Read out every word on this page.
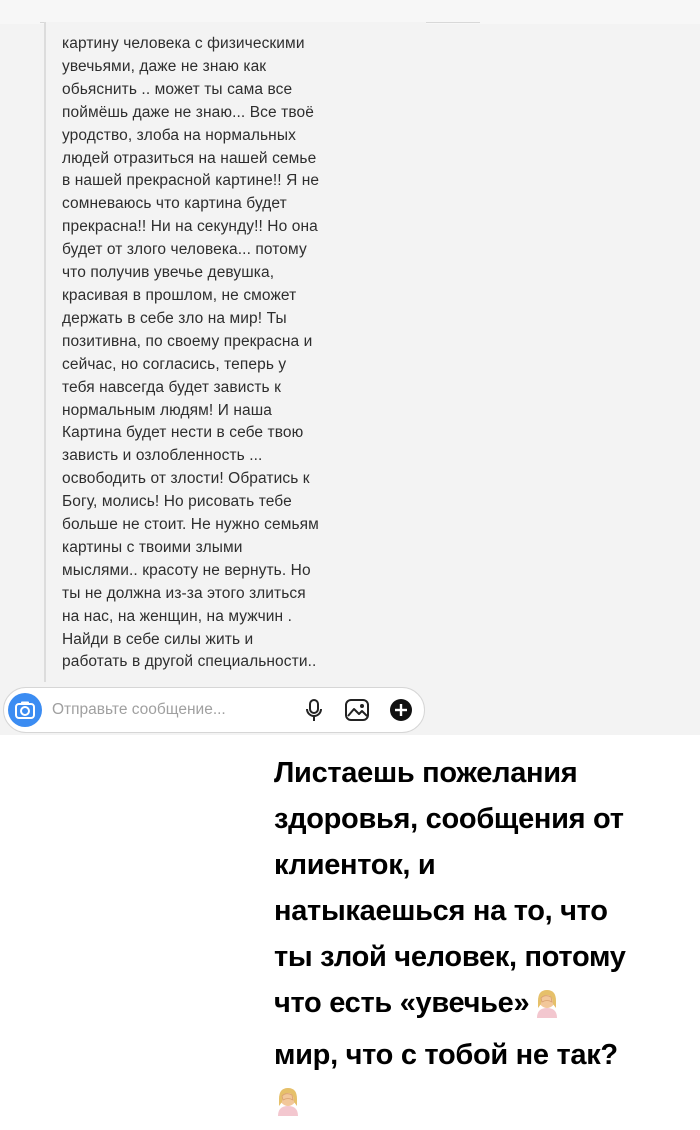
картину человека с физическими
увечьями, даже не знаю как
обьяснить .. может ты сама все
поймёшь даже не знаю... Все твоё
уродство, злоба на нормальных
людей отразиться на нашей семье
в нашей прекрасной картине!! Я не
сомневаюсь что картина будет
прекрасна!! Ни на секунду!! Но она
будет от злого человека... потому
что получив увечье девушка,
красивая в прошлом, не сможет
держать в себе зло на мир! Ты
позитивна, по своему прекрасна и
сейчас, но согласись, теперь у
тебя навсегда будет зависть к
нормальным людям! И наша
Картина будет нести в себе твою
зависть и озлобленность ...
освободить от злости! Обратись к
Богу, молись! Но рисовать тебе
больше не стоит. Не нужно семьям
картины с твоими злыми
мыслями.. красоту не вернуть. Но
ты не должна из-за этого злиться
на нас, на женщин, на мужчин .
Найди в себе силы жить и
работать в другой специальности..

Отправьте сообщение...
Листаешь пожелания
здоровья, сообщения от
клиенток, и
натыкаешься на то, что
ты злой человек, потому
что есть «увечье»
мир, что с тобой не так?
